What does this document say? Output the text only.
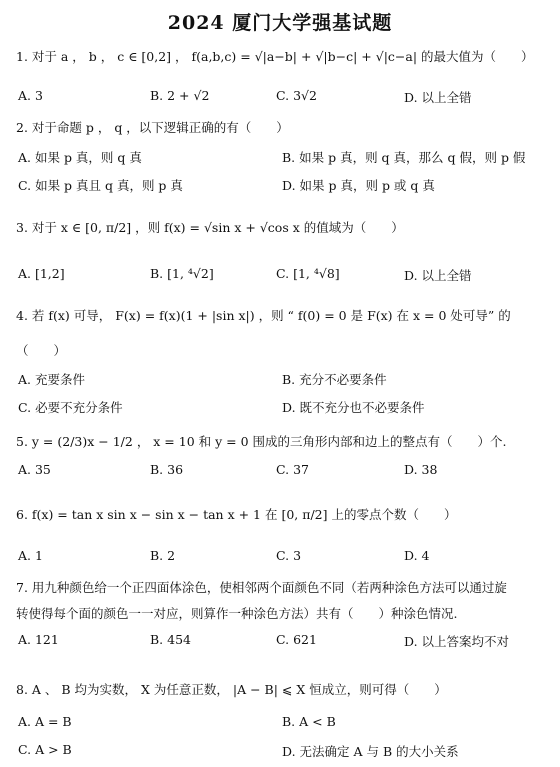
2024 厦门大学强基试题
1. 对于 a ， b ， c ∈ [0,2] ， f(a,b,c) = √|a−b| + √|b−c| + √|c−a| 的最大值为（　　）
A. 3	B. 2 + √2	C. 3√2	D. 以上全错
2. 对于命题 p ， q ，以下逻辑正确的有（　　）
A. 如果 p 真，则 q 真	B. 如果 p 真，则 q 真，那么 q 假，则 p 假
C. 如果 p 真且 q 真，则 p 真	D. 如果 p 真，则 p 或 q 真
3. 对于 x ∈ [0, π/2] ，则 f(x) = √sin x + √cos x 的值域为（　　）
A. [1,2]	B. [1, ⁴√2]	C. [1, ⁴√8]	D. 以上全错
4. 若 f(x) 可导， F(x) = f(x)(1 + |sin x|) ，则 “ f(0) = 0 是 F(x) 在 x = 0 处可导” 的
（　　）
A. 充要条件	B. 充分不必要条件
C. 必要不充分条件	D. 既不充分也不必要条件
5. y = (2/3)x − 1/2 ， x = 10 和 y = 0 围成的三角形内部和边上的整点有（　　）个.
A. 35	B. 36	C. 37	D. 38
6. f(x) = tan x sin x − sin x − tan x + 1 在 [0, π/2] 上的零点个数（　　）
A. 1	B. 2	C. 3	D. 4
7. 用九种颜色给一个正四面体涂色，使相邻两个面颜色不同（若两种涂色方法可以通过旋
转使得每个面的颜色一一对应，则算作一种涂色方法）共有（　　）种涂色情况.
A. 121	B. 454	C. 621	D. 以上答案均不对
8. A 、 B 均为实数， X 为任意正数， |A − B| ⩽ X 恒成立，则可得（　　）
A. A = B	B. A < B
C. A > B	D. 无法确定 A 与 B 的大小关系
